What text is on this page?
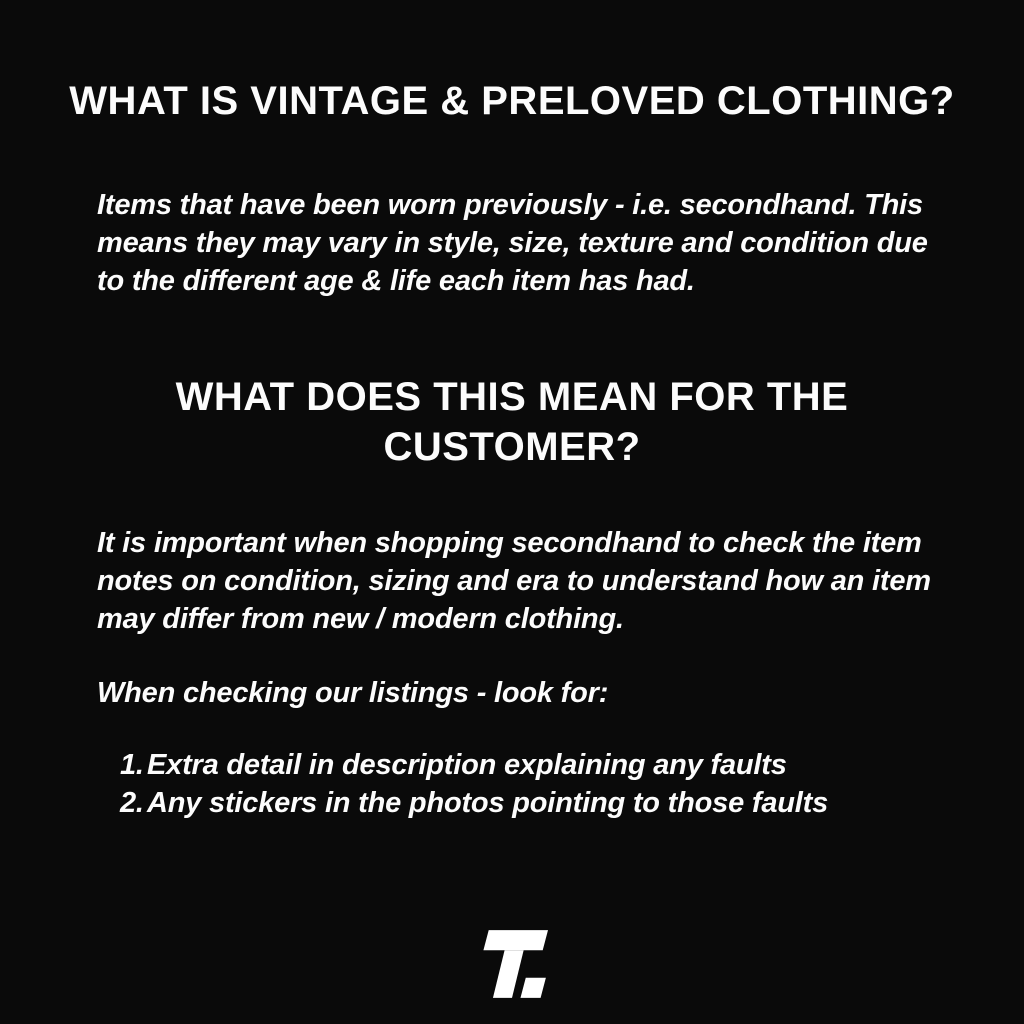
WHAT IS VINTAGE & PRELOVED CLOTHING?
Items that have been worn previously - i.e. secondhand. This
means they may vary in style, size, texture and condition due
to the different age & life each item has had.
WHAT DOES THIS MEAN FOR THE
CUSTOMER?
It is important when shopping secondhand to check the item
notes on condition, sizing and era to understand how an item
may differ from new / modern clothing.
When checking our listings - look for:
1. Extra detail in description explaining any faults
2. Any stickers in the photos pointing to those faults
